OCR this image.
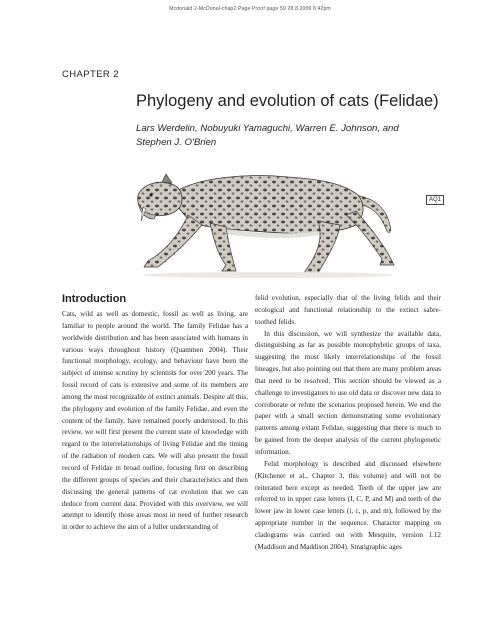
Mcdonald 2-McDonal-chap2 Page Proof page 59 28.8.2009 6:42pm
CHAPTER 2
Phylogeny and evolution of cats (Felidae)
Lars Werdelin, Nobuyuki Yamaguchi, Warren E. Johnson, and
Stephen J. O'Brien
AQ1
Introduction

Cats, wild as well as domestic, fossil as well as living, are familiar to people around the world. The family Felidae has a worldwide distribution and has been associated with humans in various ways throughout history (Quammen 2004). Their functional morphology, ecology, and behaviour have been the subject of intense scrutiny by scientists for over 200 years. The fossil record of cats is extensive and some of its members are among the most recognizable of extinct animals. Despite all this, the phylogeny and evolution of the family Felidae, and even the content of the family, have remained poorly understood. In this review, we will first present the current state of knowledge with regard to the interrelationships of living Felidae and the timing of the radiation of modern cats. We will also present the fossil record of Felidae in broad outline, focusing first on describing the different groups of species and their characteristics and then discussing the general patterns of cat evolution that we can deduce from current data. Provided with this overview, we will attempt to identify those areas most in need of further research in order to achieve the aim of a fuller understanding of

felid evolution, especially that of the living felids and their ecological and functional relationship to the extinct sabre-toothed felids.

In this discussion, we will synthesize the available data, distinguishing as far as possible monophyletic groups of taxa, suggesting the most likely interrelationships of the fossil lineages, but also pointing out that there are many problem areas that need to be resolved. This section should be viewed as a challenge to investigators to use old data or discover new data to corroborate or refute the scenarios proposed herein. We end the paper with a small section demonstrating some evolutionary patterns among extant Felidae, suggesting that there is much to be gained from the deeper analysis of the current phylogenetic information.

Felid morphology is described and discussed elsewhere (Kitchener et al., Chapter 3, this volume) and will not be reiterated here except as needed. Teeth of the upper jaw are referred to in upper case letters (I, C, P, and M) and teeth of the lower jaw in lower case letters (i, c, p, and m), followed by the appropriate number in the sequence. Character mapping on cladograms was carried out with Mesquite, version 1.12 (Maddison and Maddison 2004). Stratigraphic ages
